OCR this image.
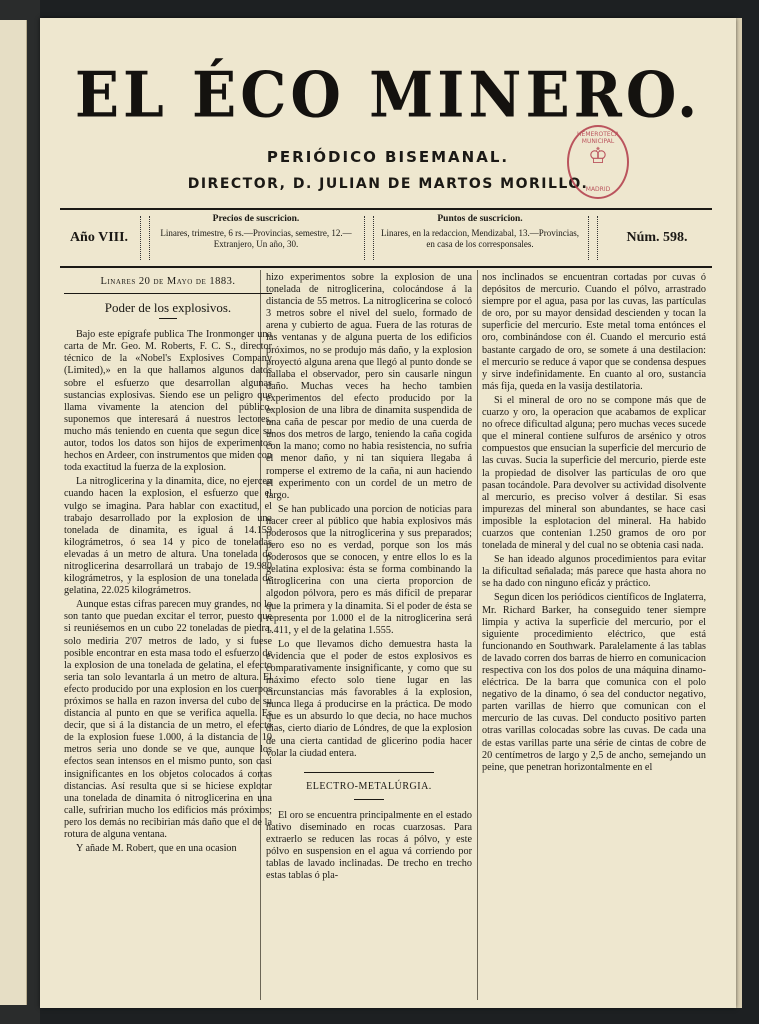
EL ÉCO MINERO.
PERIÓDICO BISEMANAL.
DIRECTOR, D. JULIAN DE MARTOS MORILLO.
HEMEROTECA MUNICIPAL
♔
MADRID
Año VIII.
Precios de suscricion.
Linares, trimestre, 6 rs.—Provincias, semestre, 12.—Extranjero, Un año, 30.
Puntos de suscricion.
Linares, en la redaccion, Mendizabal, 13.—Provincias, en casa de los corresponsales.	Núm. 598.
Linares 20 de Mayo de 1883.
Poder de los explosivos.

Bajo este epígrafe publica The Ironmonger una carta de Mr. Geo. M. Roberts, F. C. S., director técnico de la «Nobel's Explosives Company (Limited),» en la que hallamos algunos datos sobre el esfuerzo que desarrollan algunas sustancias explosivas. Siendo ese un peligro que llama vivamente la atencion del público, suponemos que interesará á nuestros lectores, mucho más teniendo en cuenta que segun dice su autor, todos los datos son hijos de experimentos hechos en Ardeer, con instrumentos que miden con toda exactitud la fuerza de la explosion.

La nitroglicerina y la dinamita, dice, no ejercen cuando hacen la explosion, el esfuerzo que el vulgo se imagina. Para hablar con exactitud, el trabajo desarrollado por la explosion de una tonelada de dinamita, es igual á 14.159 kilográmetros, ó sea 14 y pico de toneladas elevadas á un metro de altura. Una tonelada de nitroglicerina desarrollará un trabajo de 19.980 kilográmetros, y la esplosion de una tonelada de gelatina, 22.025 kilográmetros.

Aunque estas cifras parecen muy grandes, no lo son tanto que puedan excitar el terror, puesto que si reuniésemos en un cubo 22 toneladas de piedra, solo mediria 2'07 metros de lado, y si fuese posible encontrar en esta masa todo el esfuerzo de la explosion de una tonelada de gelatina, el efecto seria tan solo levantarla á un metro de altura. El efecto producido por una explosion en los cuerpos próximos se halla en razon inversa del cubo de su distancia al punto en que se verifica aquella. Es decir, que si á la distancia de un metro, el efecto de la explosion fuese 1.000, á la distancia de 10 metros seria uno donde se ve que, aunque los efectos sean intensos en el mismo punto, son casi insignificantes en los objetos colocados á cortas distancias. Así resulta que si se hiciese explotar una tonelada de dinamita ó nitroglicerina en una calle, sufririan mucho los edificios más próximos; pero los demás no recibirian más daño que el de la rotura de alguna ventana.

Y añade M. Robert, que en una ocasion

hizo experimentos sobre la explosion de una tonelada de nitroglicerina, colocándose á la distancia de 55 metros. La nitroglicerina se colocó 3 metros sobre el nivel del suelo, formado de arena y cubierto de agua. Fuera de las roturas de las ventanas y de alguna puerta de los edificios próximos, no se produjo más daño, y la explosion proyectó alguna arena que llegó al punto donde se hallaba el observador, pero sin causarle ningun daño. Muchas veces ha hecho tambien experimentos del efecto producido por la explosion de una libra de dinamita suspendida de una caña de pescar por medio de una cuerda de unos dos metros de largo, teniendo la caña cogida con la mano; como no habia resistencia, no sufria el menor daño, y ni tan siquiera llegaba á romperse el extremo de la caña, ni aun haciendo el experimento con un cordel de un metro de largo.

Se han publicado una porcion de noticias para hacer creer al público que habia explosivos más poderosos que la nitroglicerina y sus preparados; pero eso no es verdad, porque son los más poderosos que se conocen, y entre ellos lo es la gelatina explosiva: ésta se forma combinando la nitroglicerina con una cierta proporcion de algodon pólvora, pero es más difícil de preparar que la primera y la dinamita. Si el poder de ésta se representa por 1.000 el de la nitroglicerina será 1.411, y el de la gelatina 1.555.

Lo que llevamos dicho demuestra hasta la evidencia que el poder de estos explosivos es comparativamente insignificante, y como que su máximo efecto solo tiene lugar en las circunstancias más favorables á la explosion, nunca llega á producirse en la práctica. De modo que es un absurdo lo que decia, no hace muchos dias, cierto diario de Lóndres, de que la explosion de una cierta cantidad de glicerino podia hacer volar la ciudad entera.

ELECTRO-METALÚRGIA.

El oro se encuentra principalmente en el estado nativo diseminado en rocas cuarzosas. Para extraerlo se reducen las rocas á pólvo, y este pólvo en suspension en el agua vá corriendo por tablas de lavado inclinadas. De trecho en trecho estas tablas ó pla-

nos inclinados se encuentran cortadas por cuvas ó depósitos de mercurio. Cuando el pólvo, arrastrado siempre por el agua, pasa por las cuvas, las partículas de oro, por su mayor densidad descienden y tocan la superficie del mercurio. Este metal toma entónces el oro, combinándose con él. Cuando el mercurio está bastante cargado de oro, se somete á una destilacion: el mercurio se reduce á vapor que se condensa despues y sirve indefinidamente. En cuanto al oro, sustancia más fija, queda en la vasija destilatoria.

Si el mineral de oro no se compone más que de cuarzo y oro, la operacion que acabamos de explicar no ofrece dificultad alguna; pero muchas veces sucede que el mineral contiene sulfuros de arsénico y otros compuestos que ensucian la superficie del mercurio de las cuvas. Sucia la superficie del mercurio, pierde este la propiedad de disolver las partículas de oro que pasan tocándole. Para devolver su actividad disolvente al mercurio, es preciso volver á destilar. Si esas impurezas del mineral son abundantes, se hace casi imposible la esplotacion del mineral. Ha habido cuarzos que contenian 1.250 gramos de oro por tonelada de mineral y del cual no se obtenia casi nada.

Se han ideado algunos procedimientos para evitar la dificultad señalada; más parece que hasta ahora no se ha dado con ninguno eficáz y práctico.

Segun dicen los periódicos científicos de Inglaterra, Mr. Richard Barker, ha conseguido tener siempre limpia y activa la superficie del mercurio, por el siguiente procedimiento eléctrico, que está funcionando en Southwark. Paralelamente á las tablas de lavado corren dos barras de hierro en comunicacion respectiva con los dos polos de una máquina dinamo-eléctrica. De la barra que comunica con el polo negativo de la dinamo, ó sea del conductor negativo, parten varillas de hierro que comunican con el mercurio de las cuvas. Del conducto positivo parten otras varillas colocadas sobre las cuvas. De cada una de estas varillas parte una série de cintas de cobre de 20 centímetros de largo y 2,5 de ancho, semejando un peine, que penetran horizontalmente en el
